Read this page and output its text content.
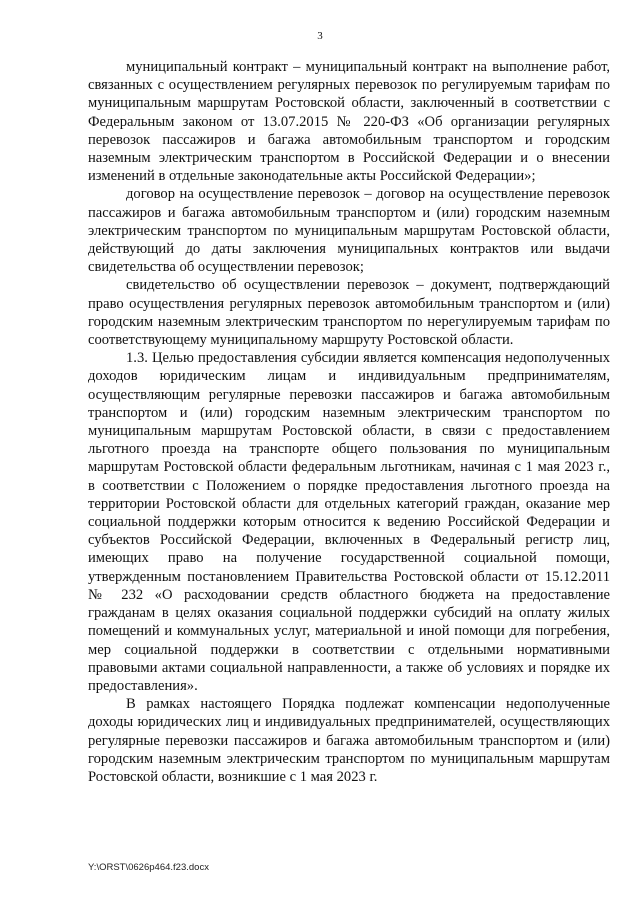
3

муниципальный контракт – муниципальный контракт на выполнение работ, связанных с осуществлением регулярных перевозок по регулируемым тарифам по муниципальным маршрутам Ростовской области, заключенный в соответствии с Федеральным законом от 13.07.2015 № 220-ФЗ «Об организации регулярных перевозок пассажиров и багажа автомобильным транспортом и городским наземным электрическим транспортом в Российской Федерации и о внесении изменений в отдельные законодательные акты Российской Федерации»;

договор на осуществление перевозок – договор на осуществление перевозок пассажиров и багажа автомобильным транспортом и (или) городским наземным электрическим транспортом по муниципальным маршрутам Ростовской области, действующий до даты заключения муниципальных контрактов или выдачи свидетельства об осуществлении перевозок;

свидетельство об осуществлении перевозок – документ, подтверждающий право осуществления регулярных перевозок автомобильным транспортом и (или) городским наземным электрическим транспортом по нерегулируемым тарифам по соответствующему муниципальному маршруту Ростовской области.

1.3. Целью предоставления субсидии является компенсация недополученных доходов юридическим лицам и индивидуальным предпринимателям, осуществляющим регулярные перевозки пассажиров и багажа автомобильным транспортом и (или) городским наземным электрическим транспортом по муниципальным маршрутам Ростовской области, в связи с предоставлением льготного проезда на транспорте общего пользования по муниципальным маршрутам Ростовской области федеральным льготникам, начиная с 1 мая 2023 г., в соответствии с Положением о порядке предоставления льготного проезда на территории Ростовской области для отдельных категорий граждан, оказание мер социальной поддержки которым относится к ведению Российской Федерации и субъектов Российской Федерации, включенных в Федеральный регистр лиц, имеющих право на получение государственной социальной помощи, утвержденным постановлением Правительства Ростовской области от 15.12.2011 № 232 «О расходовании средств областного бюджета на предоставление гражданам в целях оказания социальной поддержки субсидий на оплату жилых помещений и коммунальных услуг, материальной и иной помощи для погребения, мер социальной поддержки в соответствии с отдельными нормативными правовыми актами социальной направленности, а также об условиях и порядке их предоставления».

В рамках настоящего Порядка подлежат компенсации недополученные доходы юридических лиц и индивидуальных предпринимателей, осуществляющих регулярные перевозки пассажиров и багажа автомобильным транспортом и (или) городским наземным электрическим транспортом по муниципальным маршрутам Ростовской области, возникшие с 1 мая 2023 г.

Y:\ORST\0626p464.f23.docx
